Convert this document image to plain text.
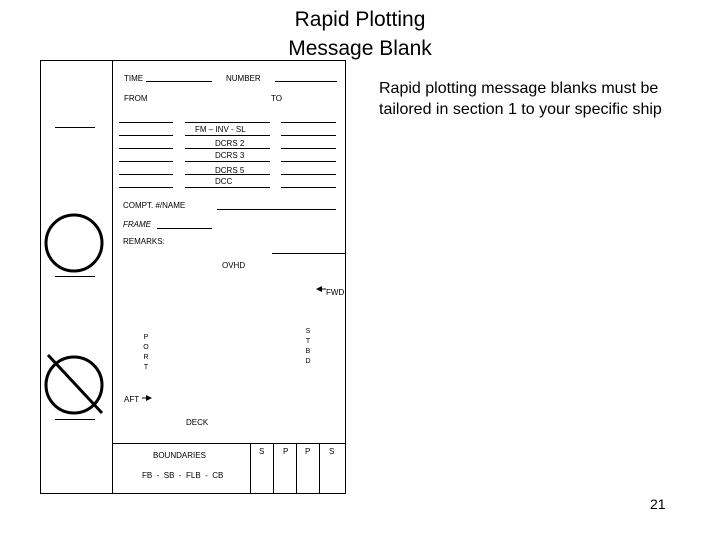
Rapid Plotting
Message Blank
Rapid plotting message blanks must be tailored in section 1 to your specific ship
TIME	NUMBER
FROM	TO
FM – INV - SL
DCRS 2
DCRS 3
DCRS 5
DCC
COMPT. #/NAME
FRAME
REMARKS:
OVHD
FWD
P
O
R
T
S
T
B
D
AFT
DECK
BOUNDARIES	S P P S
FB  -  SB  -  FLB  -  CB
21
